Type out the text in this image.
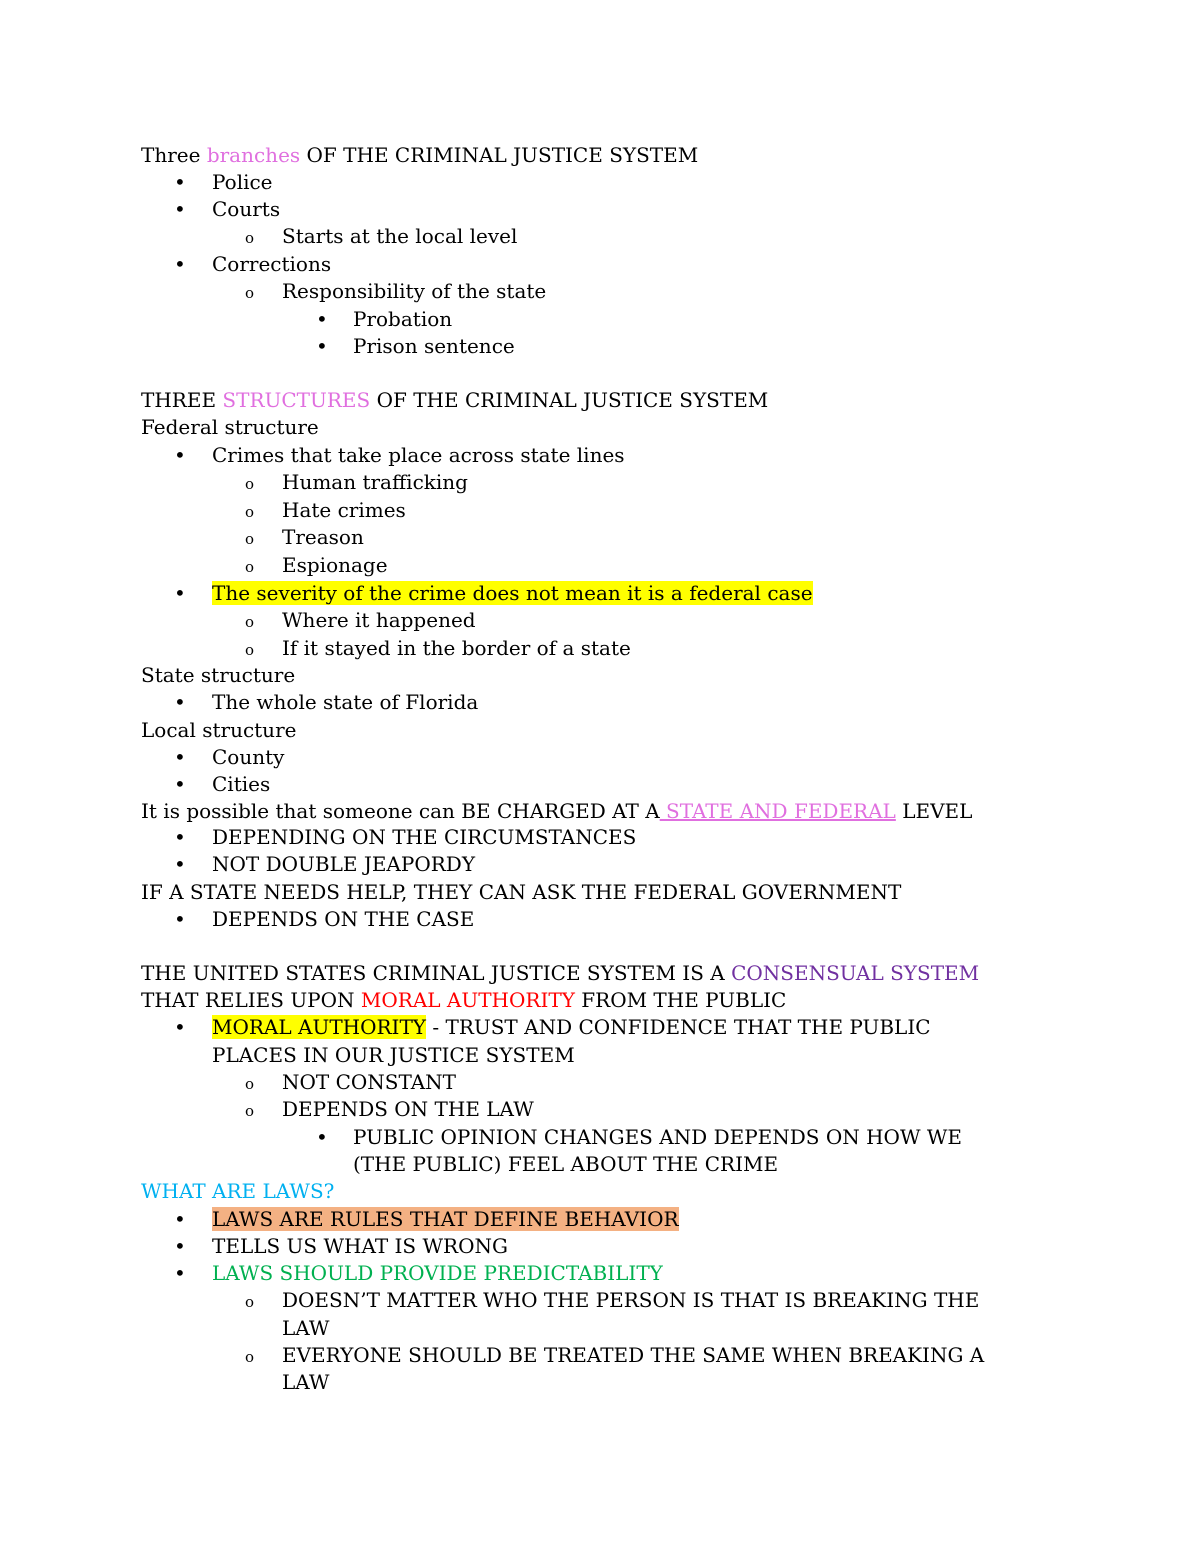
Three branches OF THE CRIMINAL JUSTICE SYSTEM
•
Police
•
Courts
o
Starts at the local level
•
Corrections
o
Responsibility of the state
•
Probation
•
Prison sentence
THREE STRUCTURES OF THE CRIMINAL JUSTICE SYSTEM
Federal structure
•
Crimes that take place across state lines
o
Human trafficking
o
Hate crimes
o
Treason
o
Espionage
•
The severity of the crime does not mean it is a federal case
o
Where it happened
o
If it stayed in the border of a state
State structure
•
The whole state of Florida
Local structure
•
County
•
Cities
It is possible that someone can BE CHARGED AT A STATE AND FEDERAL LEVEL
•
DEPENDING ON THE CIRCUMSTANCES
•
NOT DOUBLE JEAPORDY
IF A STATE NEEDS HELP, THEY CAN ASK THE FEDERAL GOVERNMENT
•
DEPENDS ON THE CASE
THE UNITED STATES CRIMINAL JUSTICE SYSTEM IS A CONSENSUAL SYSTEM
THAT RELIES UPON MORAL AUTHORITY FROM THE PUBLIC
•
MORAL AUTHORITY - TRUST AND CONFIDENCE THAT THE PUBLIC
PLACES IN OUR JUSTICE SYSTEM
o
NOT CONSTANT
o
DEPENDS ON THE LAW
•
PUBLIC OPINION CHANGES AND DEPENDS ON HOW WE
(THE PUBLIC) FEEL ABOUT THE CRIME
WHAT ARE LAWS?
•
LAWS ARE RULES THAT DEFINE BEHAVIOR
•
TELLS US WHAT IS WRONG
•
LAWS SHOULD PROVIDE PREDICTABILITY
o
DOESN’T MATTER WHO THE PERSON IS THAT IS BREAKING THE
LAW
o
EVERYONE SHOULD BE TREATED THE SAME WHEN BREAKING A
LAW
